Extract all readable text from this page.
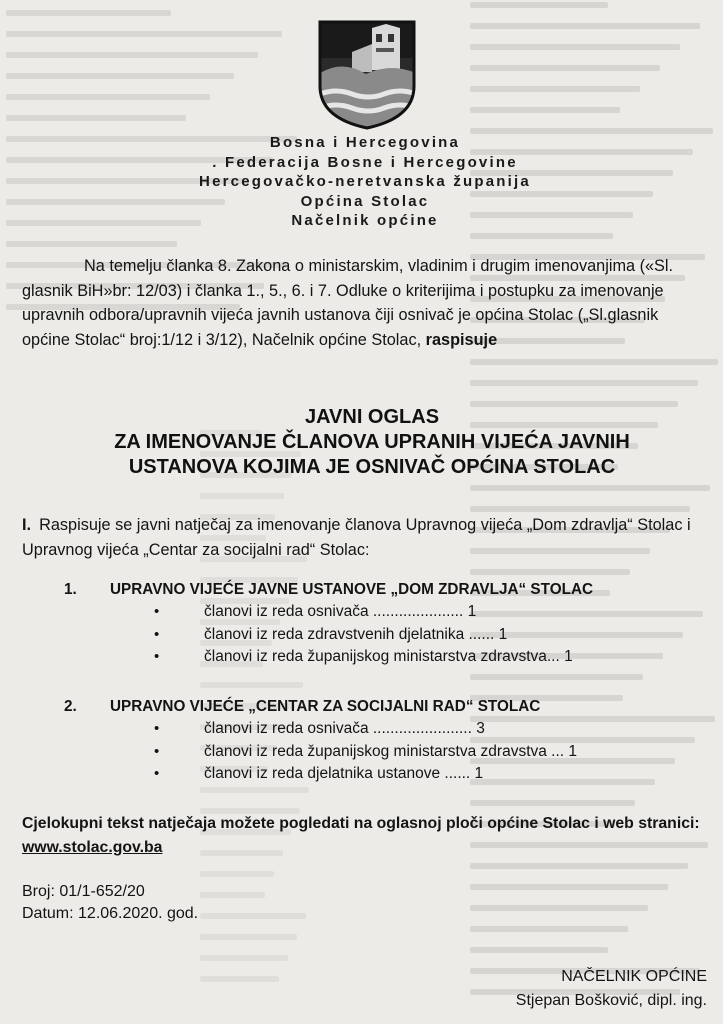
Bosna i Hercegovina
. Federacija Bosne i Hercegovine
Hercegovačko-neretvanska županija
Općina Stolac
Načelnik općine
Na temelju članka 8. Zakona o ministarskim, vladinim i drugim imenovanjima («Sl. glasnik BiH»br: 12/03) i članka 1., 5., 6. i 7. Odluke o kriterijima i postupku za imenovanje upravnih odbora/upravnih vijeća javnih ustanova čiji osnivač je općina Stolac („Sl.glasnik općine Stolac“ broj:1/12 i 3/12), Načelnik općine Stolac, raspisuje
JAVNI OGLAS
ZA IMENOVANJE ČLANOVA UPRANIH VIJEĆA JAVNIH
USTANOVA KOJIMA JE OSNIVAČ OPĆINA STOLAC
I. Raspisuje se javni natječaj za imenovanje članova Upravnog vijeća „Dom zdravlja“ Stolac i Upravnog vijeća „Centar za socijalni rad“ Stolac:
1. UPRAVNO VIJEĆE JAVNE USTANOVE „DOM ZDRAVLJA“ STOLAC
•	članovi iz reda osnivača ..................... 1
•	članovi iz reda zdravstvenih djelatnika ...... 1
•	članovi iz reda županijskog ministarstva zdravstva... 1
2. UPRAVNO VIJEĆE „CENTAR ZA SOCIJALNI RAD“ STOLAC
•	članovi iz reda osnivača ....................... 3
•	članovi iz reda županijskog ministarstva zdravstva ... 1
•	članovi iz reda djelatnika ustanove ...... 1
Cjelokupni tekst natječaja možete pogledati na oglasnoj ploči općine Stolac i web stranici: www.stolac.gov.ba
Broj: 01/1-652/20
Datum: 12.06.2020. god.
NAČELNIK OPĆINE
Stjepan Bošković, dipl. ing.
